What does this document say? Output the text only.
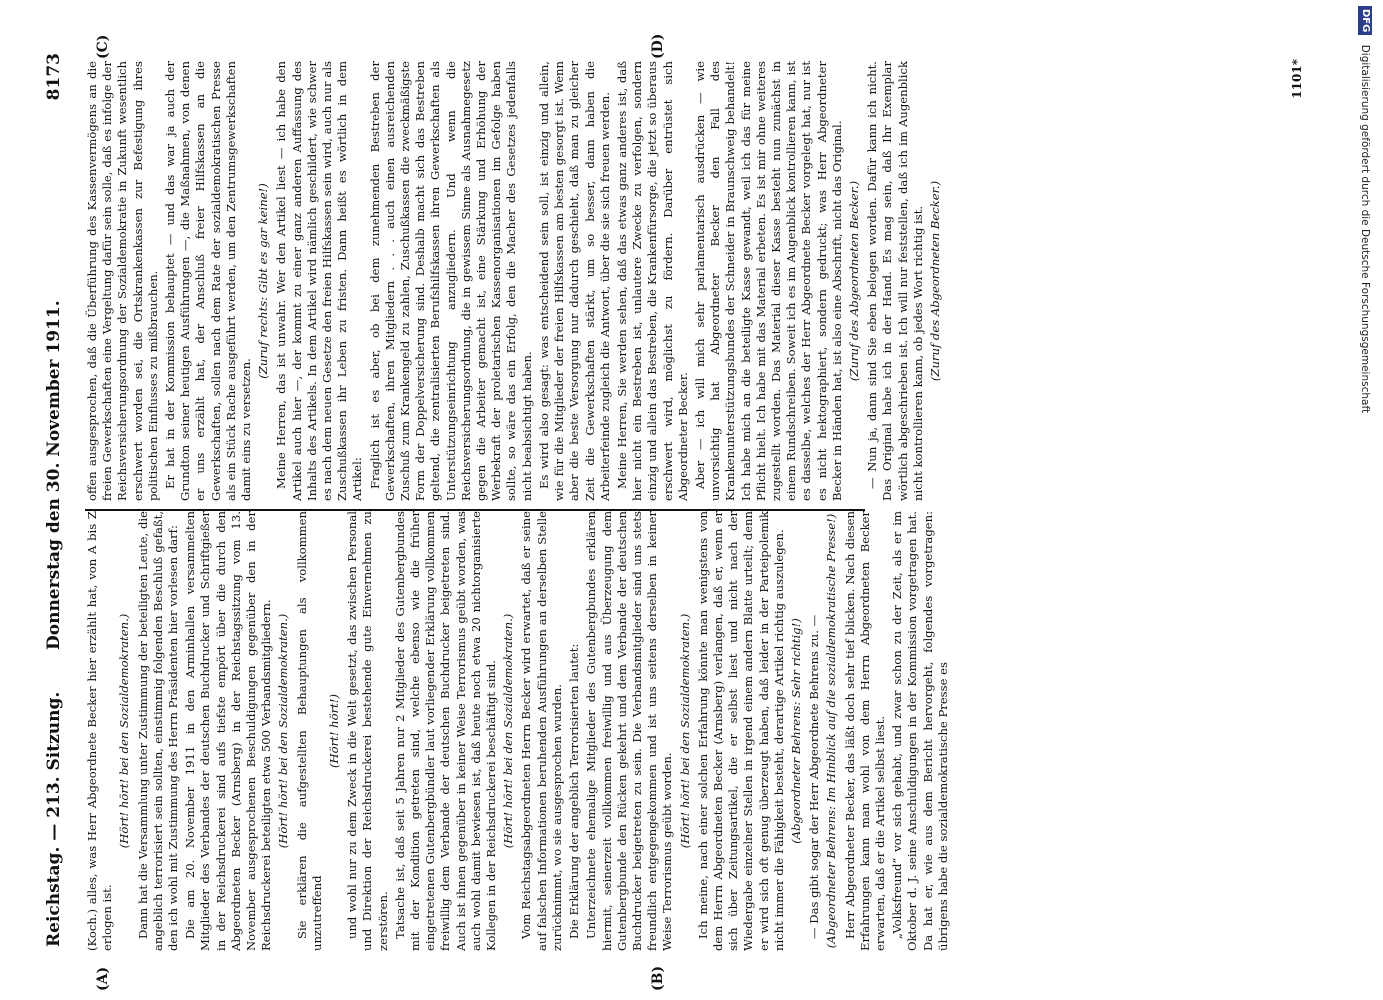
Reichstag. — 213. Sitzung.
Donnerstag den 30. November 1911.
8173
(A)	(B)
(C)	(D)

(Koch.) alles, was Herr Abgeordnete Becker hier erzählt hat, von A bis Z erlogen ist.

(Hört! hört! bei den Sozialdemokraten.) Dann hat die Versammlung unter Zustimmung der beteiligten Leute, die angeblich terrorisiert sein sollten, einstimmig folgenden Beschluß gefaßt, den ich wohl mit Zustimmung des Herrn Präsidenten hier vorlesen darf: Die am 20. November 1911 in den Arminhallen versammelten Mitglieder des Verbandes der deutschen Buchdrucker und Schriftgießer in der Reichsdruckerei sind aufs tiefste empört über die durch den Abgeordneten Becker (Arnsberg) in der Reichstagssitzung vom 13. November ausgesprochenen Beschuldigungen gegenüber den in der Reichsdruckerei beteiligten etwa 500 Verbandsmitgliedern. (Hört! hört! bei den Sozialdemokraten.) Sie erklären die aufgestellten Behauptungen als vollkommen unzutreffend

(Hört! hört!) und wohl nur zu dem Zweck in die Welt gesetzt, das zwischen Personal und Direktion der Reichsdruckerei bestehende gute Einvernehmen zu zerstören. Tatsache ist, daß seit 5 Jahren nur 2 Mitglieder des Gutenbergbundes mit der Kondition getreten sind, welche ebenso wie die früher eingetretenen Gutenbergbündler laut vorliegender Erklärung vollkommen freiwillig dem Verbande der deutschen Buchdrucker beigetreten sind. Auch ist ihnen gegenüber in keiner Weise Terrorismus geübt worden, was auch wohl damit bewiesen ist, daß heute noch etwa 20 nichtorganisierte Kollegen in der Reichsdruckerei beschäftigt sind. (Hört! hört! bei den Sozialdemokraten.) Vom Reichstagsabgeordneten Herrn Becker wird erwartet, daß er seine auf falschen Informationen beruhenden Ausführungen an derselben Stelle zurücknimmt, wo sie ausgesprochen wurden. Die Erklärung der angeblich Terrorisierten lautet: Unterzeichnete ehemalige Mitglieder des Gutenbergbundes erklären hiermit, seinerzeit vollkommen freiwillig und aus Überzeugung dem Gutenbergbunde den Rücken gekehrt und dem Verbande der deutschen Buchdrucker beigetreten zu sein. Die Verbandsmitglieder sind uns stets freundlich entgegengekommen und ist uns seitens derselben in keiner Weise Terrorismus geübt worden.

(Hört! hört! bei den Sozialdemokraten.) Ich meine, nach einer solchen Erfahrung könnte man wenigstens von dem Herrn Abgeordneten Becker (Arnsberg) verlangen, daß er, wenn er sich über Zeitungsartikel, die er selbst liest und nicht nach der Wiedergabe einzelner Stellen in irgend einem andern Blatte urteilt; denn er wird sich oft genug überzeugt haben, daß leider in der Parteipolemik nicht immer die Fähigkeit besteht, derartige Artikel richtig auszulegen. (Abgeordneter Behrens: Sehr richtig!) — Das gibt sogar der Herr Abgeordnete Behrens zu. — (Abgeordneter Behrens: Im Hinblick auf die sozialdemokratische Presse!) Herr Abgeordneter Becker, das läßt doch sehr tief blicken. Nach diesen Erfahrungen kann man wohl von dem Herrn Abgeordneten Becker erwarten, daß er die Artikel selbst liest. „Volksfreund“ vor sich gehabt, und zwar schon zu der Zeit, als er im Oktober d. J. seine Anschuldigungen in der Kommission vorgetragen hat. Da hat er, wie aus dem Bericht hervorgeht, folgendes vorgetragen: übrigens habe die sozialdemokratische Presse es

offen ausgesprochen, daß die Überführung des Kassenvermögens an die freien Gewerkschaften eine Vergeltung dafür sein solle, daß es infolge der Reichsversicherungsordnung der Sozialdemokratie in Zukunft wesentlich erschwert worden sei, die Ortskrankenkassen zur Befestigung ihres politischen Einflusses zu mißbrauchen. Er hat in der Kommission behauptet — und das war ja auch der Grundton seiner heutigen Ausführungen —, die Maßnahmen, von denen er uns erzählt hat, der Anschluß freier Hilfskassen an die Gewerkschaften, sollen nach dem Rate der sozialdemokratischen Presse als ein Stück Rache ausgeführt werden, um den Zentrumsgewerkschaften damit eins zu versetzen.

(Zuruf rechts: Gibt es gar keine!) Meine Herren, das ist unwahr. Wer den Artikel liest — ich habe den Artikel auch hier —, der kommt zu einer ganz anderen Auffassung des Inhalts des Artikels. In dem Artikel wird nämlich geschildert, wie schwer es nach dem neuen Gesetze den freien Hilfskassen sein wird, auch nur als Zuschußkassen ihr Leben zu fristen. Dann heißt es wörtlich in dem Artikel: Fraglich ist es aber, ob bei dem zunehmenden Bestreben der Gewerkschaften, ihren Mitgliedern . . . auch einen ausreichenden Zuschuß zum Krankengeld zu zahlen, Zuschußkassen die zweckmäßigste Form der Doppelversicherung sind. Deshalb macht sich das Bestreben geltend, die zentralisierten Berufshilfskassen ihren Gewerkschaften als Unterstützungseinrichtung anzugliedern. Und wenn die Reichsversicherungsordnung, die in gewissem Sinne als Ausnahmegesetz gegen die Arbeiter gemacht ist, eine Stärkung und Erhöhung der Werbekraft der proletarischen Kassenorganisationen im Gefolge haben sollte, so wäre das ein Erfolg, den die Macher des Gesetzes jedenfalls nicht beabsichtigt haben. Es wird also gesagt: was entscheidend sein soll, ist einzig und allein, wie für die Mitglieder der freien Hilfskassen am besten gesorgt ist. Wenn aber die beste Versorgung nur dadurch geschieht, daß man zu gleicher Zeit die Gewerkschaften stärkt, um so besser, dann haben die Arbeiterfeinde zugleich die Antwort, über die sie sich freuen werden. Meine Herren, Sie werden sehen, daß das etwas ganz anderes ist, daß hier nicht ein Bestreben ist, unlautere Zwecke zu verfolgen, sondern einzig und allein das Bestreben, die Krankenfürsorge, die jetzt so überaus erschwert wird, möglichst zu fördern. Darüber entrüstet sich Abgeordneter Becker. Aber — ich will mich sehr parlamentarisch ausdrücken — wie unvorsichtig hat Abgeordneter Becker den Fall des Krankenunterstützungsbundes der Schneider in Braunschweig behandelt! Ich habe mich an die beteiligte Kasse gewandt, weil ich das für meine Pflicht hielt. Ich habe mit das Material erbeten. Es ist mir ohne weiteres zugestellt worden. Das Material dieser Kasse besteht nun zunächst in einem Rundschreiben. Soweit ich es im Augenblick kontrollieren kann, ist es dasselbe, welches der Herr Abgeordnete Becker vorgelegt hat, nur ist es nicht hektographiert, sondern gedruckt; was Herr Abgeordneter Becker in Händen hat, ist also eine Abschrift, nicht das Original. (Zuruf des Abgeordneten Becker.) — Nun ja, dann sind Sie eben belogen worden. Dafür kann ich nicht. Das Original habe ich in der Hand. Es mag sein, daß Ihr Exemplar wörtlich abgeschrieben ist. Ich will nur feststellen, daß ich im Augenblick nicht kontrollieren kann, ob jedes Wort richtig ist. (Zuruf des Abgeordneten Becker.)

1101*
DFG Digitalisierung gefördert durch die Deutsche Forschungsgemeinschaft
